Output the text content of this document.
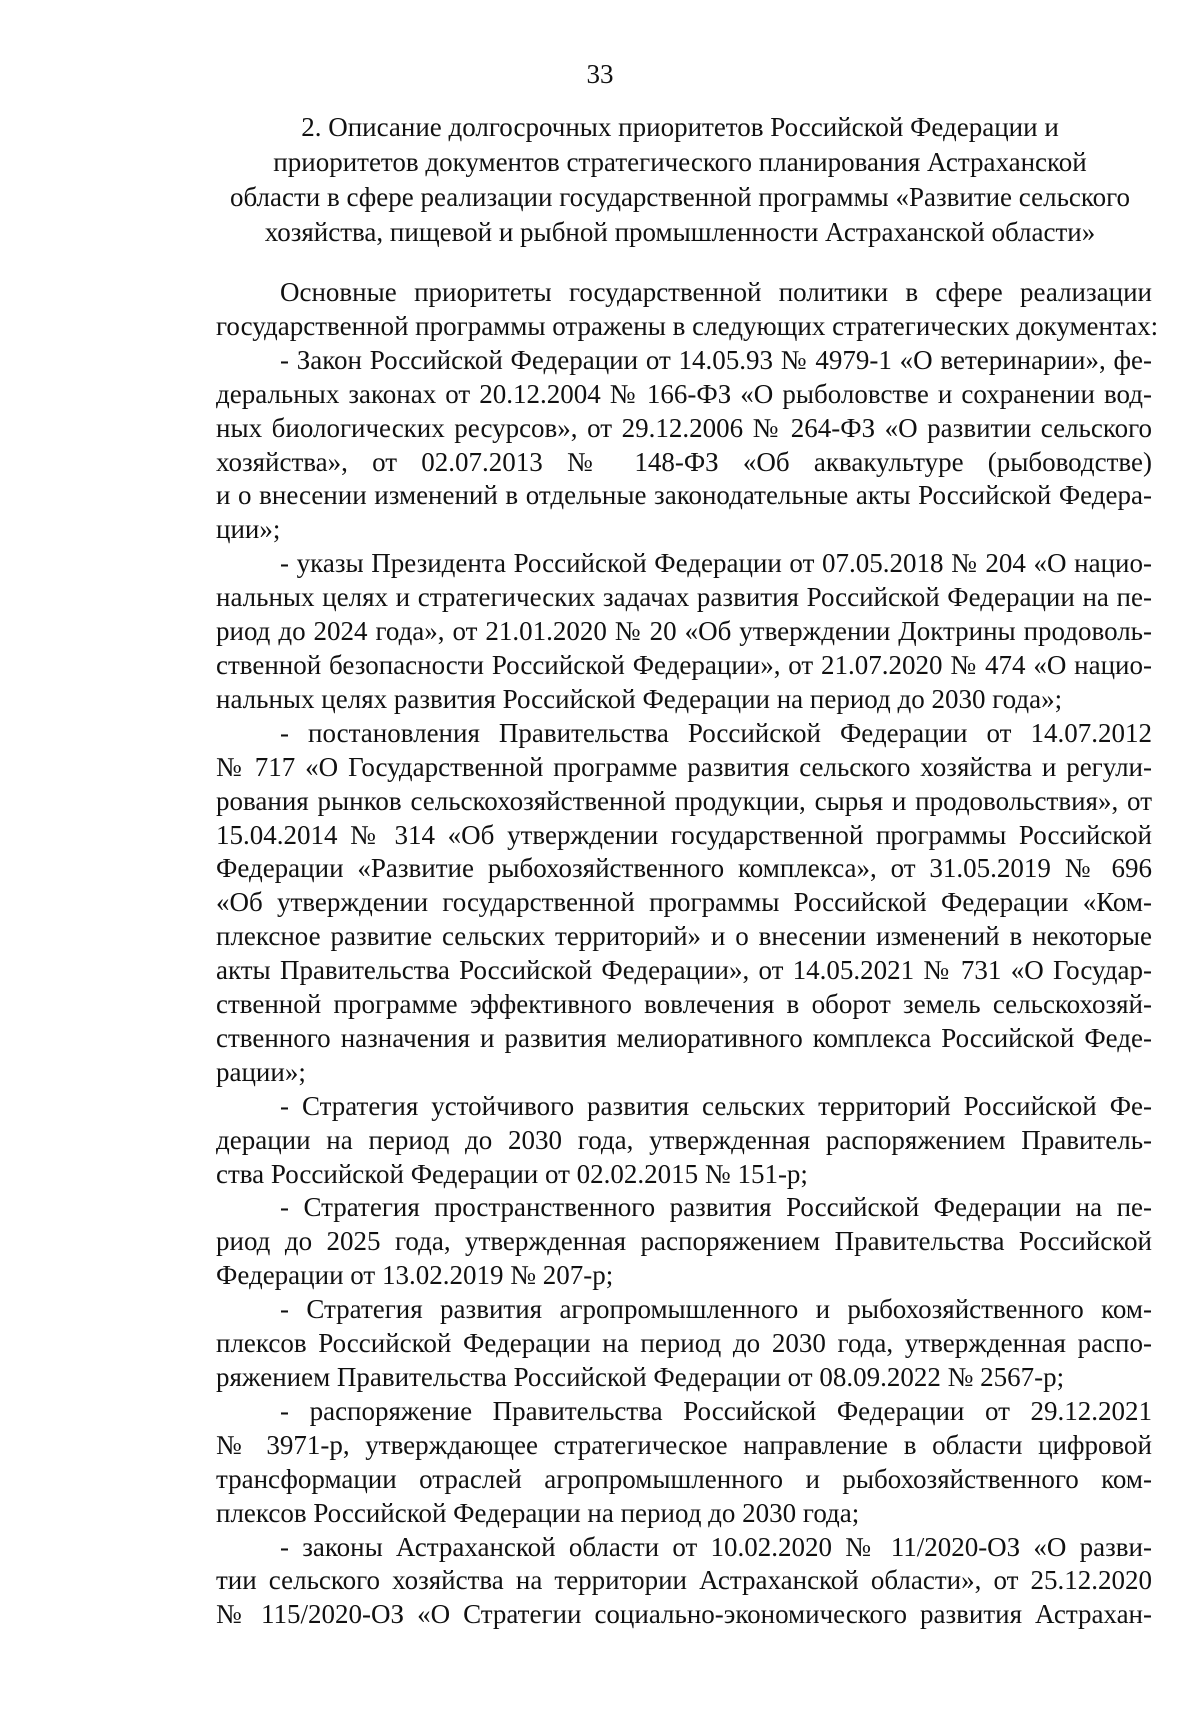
33
2. Описание долгосрочных приоритетов Российской Федерации и
приоритетов документов стратегического планирования Астраханской
области в сфере реализации государственной программы «Развитие сельского
хозяйства, пищевой и рыбной промышленности Астраханской области»
Основные приоритеты государственной политики в сфере реализации
государственной программы отражены в следующих стратегических документах:
- Закон Российской Федерации от 14.05.93 № 4979-1 «О ветеринарии», фе-
деральных законах от 20.12.2004 № 166-ФЗ «О рыболовстве и сохранении вод-
ных биологических ресурсов», от 29.12.2006 № 264-ФЗ «О развитии сельского
хозяйства», от 02.07.2013 № 148-ФЗ «Об аквакультуре (рыбоводстве)
и о внесении изменений в отдельные законодательные акты Российской Федера-
ции»;
- указы Президента Российской Федерации от 07.05.2018 № 204 «О нацио-
нальных целях и стратегических задачах развития Российской Федерации на пе-
риод до 2024 года», от 21.01.2020 № 20 «Об утверждении Доктрины продоволь-
ственной безопасности Российской Федерации», от 21.07.2020 № 474 «О нацио-
нальных целях развития Российской Федерации на период до 2030 года»;
- постановления Правительства Российской Федерации от 14.07.2012
№ 717 «О Государственной программе развития сельского хозяйства и регули-
рования рынков сельскохозяйственной продукции, сырья и продовольствия», от
15.04.2014 № 314 «Об утверждении государственной программы Российской
Федерации «Развитие рыбохозяйственного комплекса», от 31.05.2019 № 696
«Об утверждении государственной программы Российской Федерации «Ком-
плексное развитие сельских территорий» и о внесении изменений в некоторые
акты Правительства Российской Федерации», от 14.05.2021 № 731 «О Государ-
ственной программе эффективного вовлечения в оборот земель сельскохозяй-
ственного назначения и развития мелиоративного комплекса Российской Феде-
рации»;
- Стратегия устойчивого развития сельских территорий Российской Фе-
дерации на период до 2030 года, утвержденная распоряжением Правитель-
ства Российской Федерации от 02.02.2015 № 151-р;
- Стратегия пространственного развития Российской Федерации на пе-
риод до 2025 года, утвержденная распоряжением Правительства Российской
Федерации от 13.02.2019 № 207-р;
- Стратегия развития агропромышленного и рыбохозяйственного ком-
плексов Российской Федерации на период до 2030 года, утвержденная распо-
ряжением Правительства Российской Федерации от 08.09.2022 № 2567-р;
- распоряжение Правительства Российской Федерации от 29.12.2021
№ 3971-р, утверждающее стратегическое направление в области цифровой
трансформации отраслей агропромышленного и рыбохозяйственного ком-
плексов Российской Федерации на период до 2030 года;
- законы Астраханской области от 10.02.2020 № 11/2020-ОЗ «О разви-
тии сельского хозяйства на территории Астраханской области», от 25.12.2020
№ 115/2020-ОЗ «О Стратегии социально-экономического развития Астрахан-
